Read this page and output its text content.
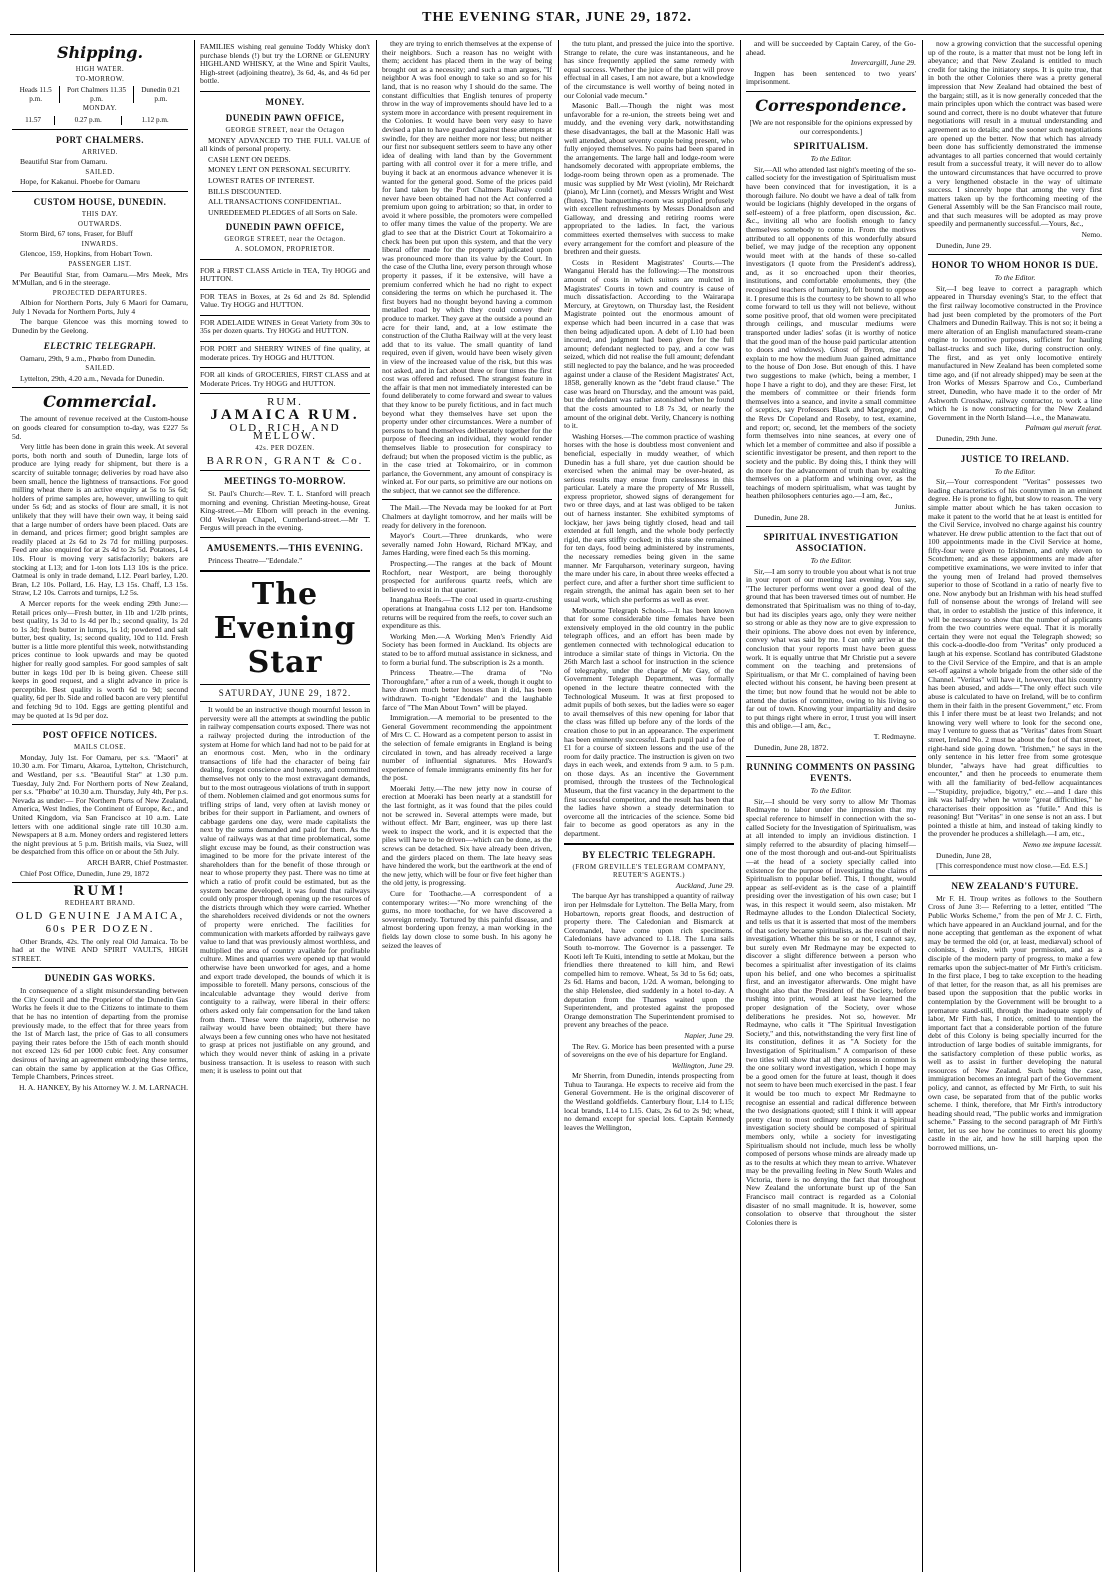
THE EVENING STAR, JUNE 29, 1872.
Shipping.
HIGH WATER.
TO-MORROW.
Heads 11.5 p.m.	Port Chalmers 11.35 p.m.	Dunedin 0.21 p.m.
MONDAY.
11.57	0.27 p.m.	1.12 p.m.
PORT CHALMERS.
ARRIVED.

Beautiful Star from Oamaru.

SAILED.

Hope, for Kakanui. Phoebe for Oamaru

CUSTOM HOUSE, DUNEDIN.
THIS DAY.
OUTWARDS.

Storm Bird, 67 tons, Fraser, for Bluff

INWARDS.

Glencoe, 159, Hopkins, from Hobart Town.

PASSENGER LIST.

Per Beautiful Star, from Oamaru.—Mrs Meek, Mrs M'Mullan, and 6 in the steerage.

PROJECTED DEPARTURES.

Albion for Northern Ports, July 6 Maori for Oamaru, July 1 Nevada for Northern Ports, July 4

The barque Glencoe was this morning towed to Dunedin by the Geelong.

ELECTRIC TELEGRAPH.

Oamaru, 29th, 9 a.m., Phœbo from Dunedin.

SAILED.

Lyttelton, 29th, 4.20 a.m., Nevada for Dunedin.

Commercial.

The amount of revenue received at the Custom-house on goods cleared for consumption to-day, was £227 5s 5d.

Very little has been done in grain this week. At several ports, both north and south of Dunedin, large lots of produce are lying ready for shipment, but there is a scarcity of suitable tonnage; deliveries by road have also been small, hence the lightness of transactions. For good milling wheat there is an active enquiry at 5s to 5s 6d; holders of prime samples are, however, unwilling to quit under 5s 6d; and as stocks of flour are small, it is not unlikely that they will have their own way, it being said that a large number of orders have been placed. Oats are in demand, and prices firmer; good bright samples are readily placed at 2s 6d to 2s 7d for milling purposes. Feed are also enquired for at 2s 4d to 2s 5d. Potatoes, L4 10s. Flour is moving very satisfactorily; bakers are stocking at L13; and for 1-ton lots L13 10s is the price. Oatmeal is only in trade demand, L12. Pearl barley, L20. Bran, L2 10s. Pollard, L6. Hay, L3 15s. Chaff, L3 15s. Straw, L2 10s. Carrots and turnips, L2 5s.

A Mercer reports for the week ending 29th June:—Retail prices only—Fresh butter, in 1lb and 1/2lb prints, best quality, 1s 3d to 1s 4d per lb.; second quality, 1s 2d to 1s 3d; fresh butter in lumps, 1s 1d; powdered and salt butter, best quality, 1s; second quality, 10d to 11d. Fresh butter is a little more plentiful this week, notwithstanding prices continue to look upwards and may be quoted higher for really good samples. For good samples of salt butter in kegs 10d per lb is being given. Cheese still keeps in good request, and a slight advance in price is perceptible. Best quality is worth 6d to 9d; second quality, 6d per lb. Side and rolled bacon are very plentiful and fetching 9d to 10d. Eggs are getting plentiful and may be quoted at 1s 9d per doz.

POST OFFICE NOTICES.
MAILS CLOSE.

Monday, July 1st. For Oamaru, per s.s. "Maori" at 10.30 a.m. For Timaru, Akaroa, Lyttelton, Christchurch, and Westland, per s.s. "Beautiful Star" at 1.30 p.m. Tuesday, July 2nd. For Northern ports of New Zealand, per s.s. "Phœbe" at 10.30 a.m. Thursday, July 4th, Per p.s. Nevada as under:— For Northern Ports of New Zealand, America, West Indies, the Continent of Europe, &c., and United Kingdom, via San Francisco at 10 a.m. Late letters with one additional single rate till 10.30 a.m. Newspapers at 8 a.m. Money orders and registered letters the night previous at 5 p.m. British mails, via Suez, will be despatched from this office on or about the 5th July.

ARCH BARR, Chief Postmaster.

Chief Post Office, Dunedin, June 29, 1872

RUM!
REDHEART BRAND.
OLD GENUINE JAMAICA,
60s PER DOZEN.

Other Brands, 42s. The only real Old Jamaica. To be had at the WINE AND SPIRIT VAULTS, HIGH STREET.

DUNEDIN GAS WORKS.

In consequence of a slight misunderstanding between the City Council and the Proprietor of the Dunedin Gas Works he feels it due to the Citizens to intimate to them that he has no intention of departing from the promise previously made, to the effect that for three years from the 1st of March last, the price of Gas to all consumers paying their rates before the 15th of each month should not exceed 12s 6d per 1000 cubic feet. Any consumer desirous of having an agreement embodying these terms, can obtain the same by application at the Gas Office, Temple Chambers, Princes street.

H. A. HANKEY, By his Attorney W. J. M. LARNACH.

FAMILIES wishing real genuine Toddy Whisky don't purchase blends (!) but try the LORNE or GLENURY HIGHLAND WHISKY, at the Wine and Spirit Vaults, High-street (adjoining theatre), 3s 6d, 4s, and 4s 6d per bottle.

MONEY.
DUNEDIN PAWN OFFICE,
GEORGE STREET, near the Octagon

MONEY ADVANCED TO THE FULL VALUE of all kinds of personal property.

CASH LENT ON DEEDS.

MONEY LENT ON PERSONAL SECURITY.

LOWEST RATES OF INTEREST.

BILLS DISCOUNTED.

ALL TRANSACTIONS CONFIDENTIAL.

UNREDEEMED PLEDGES of all Sorts on Sale.

DUNEDIN PAWN OFFICE,
GEORGE STREET, near the Octagon.
A. SOLOMON, PROPRIETOR.

FOR a FIRST CLASS Article in TEA, Try HOGG and HUTTON.

FOR TEAS in Boxes, at 2s 6d and 2s 8d. Splendid Value. Try HOGG and HUTTON.

FOR ADELAIDE WINES in Great Variety from 30s to 35s per dozen quarts. Try HOGG and HUTTON.

FOR PORT and SHERRY WINES of fine quality, at moderate prices. Try HOGG and HUTTON.

FOR all kinds of GROCERIES, FIRST CLASS and at Moderate Prices. Try HOGG and HUTTON.

RUM.
JAMAICA RUM.
OLD, RICH, AND MELLOW.
42s. PER DOZEN.
BARRON, GRANT & Co.
MEETINGS TO-MORROW.

St. Paul's Church:—Rev. T. L. Stanford will preach morning and evening. Christian Meeting-house, Great King-street.—Mr Elborn will preach in the evening. Old Wesleyan Chapel, Cumberland-street.—Mr T. Fergus will preach in the evening.

AMUSEMENTS.—THIS EVENING.

Princess Theatre—"Edendale."

The Evening Star
SATURDAY, JUNE 29, 1872.

It would be an instructive though mournful lesson in perversity were all the attempts at swindling the public in railway compensation courts exposed. There was not a railway projected during the introduction of the system at Home for which land had not to be paid for at an enormous cost. Men, who in the ordinary transactions of life had the character of being fair dealing, forgot conscience and honesty, and committed themselves not only to the most extravagant demands, but to the most outrageous violations of truth in support of them. Noblemen claimed and got enormous sums for trifling strips of land, very often at lavish money or bribes for their support in Parliament, and owners of cabbage gardens one day, were made capitalists the next by the sums demanded and paid for them. As the value of railways was at that time problematical, some slight excuse may be found, as their construction was imagined to be more for the private interest of the shareholders than for the benefit of those through or near to whose property they past. There was no time at which a ratio of profit could be estimated, but as the system became developed, it was found that railways could only prosper through opening up the resources of the districts through which they were carried. Whether the shareholders received dividends or not the owners of property were enriched. The facilities for communication with markets afforded by railways gave value to land that was previously almost worthless, and multiplied the area of country available for profitable culture. Mines and quarries were opened up that would otherwise have been unworked for ages, and a home and export trade developed, the bounds of which it is impossible to foretell. Many persons, conscious of the incalculable advantage they would derive from contiguity to a railway, were liberal in their offers: others asked only fair compensation for the land taken from them. These were the majority, otherwise no railway would have been obtained; but there have always been a few cunning ones who have not hesitated to grasp at prices not justifiable on any ground, and which they would never think of asking in a private business transaction. It is useless to reason with such men; it is useless to point out that

they are trying to enrich themselves at the expense of their neighbors. Such a reason has no weight with them; accident has placed them in the way of being brought out as a necessity; and such a man argues, "If neighbor A was fool enough to take so and so for his land, that is no reason why I should do the same. The constant difficulties that English tenures of property throw in the way of improvements should have led to a system more in accordance with present requirement in the Colonies. It would have been very easy to have devised a plan to have guarded against these attempts at swindle, for they are neither more nor less; but neither our first nor subsequent settlers seem to have any other idea of dealing with land than by the Government parting with all control over it for a mere trifle, and buying it back at an enormous advance whenever it is wanted for the general good. Some of the prices paid for land taken by the Port Chalmers Railway could never have been obtained had not the Act conferred a premium upon going to arbitration; so that, in order to avoid it where possible, the promoters were compelled to offer many times the value of the property. We are glad to see that at the District Court at Tokomairiro a check has been put upon this system, and that the very liberal offer made for the property adjudicated upon was pronounced more than its value by the Court. In the case of the Clutha line, every person through whose property it passes, if it be extensive, will have a premium conferred which he had no right to expect considering the terms on which he purchased it. The first buyers had no thought beyond having a common metalled road by which they could convey their produce to market. They gave at the outside a pound an acre for their land, and, at a low estimate the construction of the Clutha Railway will at the very least add that to its value. The small quantity of land required, even if given, would have been wisely given in view of the increased value of the risk, but this was not asked, and in fact about three or four times the first cost was offered and refused. The strangest feature in the affair is that men not immediately interested can be found deliberately to come forward and swear to values that they know to be purely fictitious, and in fact much beyond what they themselves have set upon the property under other circumstances. Were a number of persons to band themselves deliberately together for the purpose of fleecing an individual, they would render themselves liable to prosecution for conspiracy to defraud; but when the proposed victim is the public, as in the case tried at Tokomairiro, or in common parlance, the Government, any amount of conspiracy is winked at. For our parts, so primitive are our notions on the subject, that we cannot see the difference.

The Mail.—The Nevada may be looked for at Port Chalmers at daylight tomorrow, and her mails will be ready for delivery in the forenoon.

Mayor's Court.—Three drunkards, who were severally named John Howard, Richard M'Kay, and James Harding, were fined each 5s this morning.

Prospecting.—The ranges at the back of Mount Rochfort, near Westport, are being thoroughly prospected for auriferous quartz reefs, which are believed to exist in that quarter.

Inangahua Reefs.—The coal used in quartz-crushing operations at Inangahua costs L12 per ton. Handsome returns will be required from the reefs, to cover such an expenditure as this.

Working Men.—A Working Men's Friendly Aid Society has been formed in Auckland. Its objects are stated to be to afford mutual assistance in sickness, and to form a burial fund. The subscription is 2s a month.

Princess Theatre.—The drama of "No Thoroughfare," after a run of a week, though it ought to have drawn much better houses than it did, has been withdrawn. To-night "Edendale" and the laughable farce of "The Man About Town" will be played.

Immigration.—A memorial to be presented to the General Government recommending the appointment of Mrs C. C. Howard as a competent person to assist in the selection of female emigrants in England is being circulated in town, and has already received a large number of influential signatures. Mrs Howard's experience of female immigrants eminently fits her for the post.

Moeraki Jetty.—The new jetty now in course of erection at Moeraki has been nearly at a standstill for the last fortnight, as it was found that the piles could not be screwed in. Several attempts were made, but without effect. Mr Barr, engineer, was up there last week to inspect the work, and it is expected that the piles will have to be driven—which can be done, as the screws can be detached. Six have already been driven, and the girders placed on them. The late heavy seas have hindered the work, but the earthwork at the end of the new jetty, which will be four or five feet higher than the old jetty, is progressing.

Cure for Toothache.—A correspondent of a contemporary writes:—"No more wrenching of the gums, no more toothache, for we have discovered a sovereign remedy. Tortured by this painful disease, and almost bordering upon frenzy, a man working in the fields lay down close to some bush. In his agony he seized the leaves of

the tutu plant, and pressed the juice into the sportive. Strange to relate, the cure was instantaneous, and he has since frequently applied the same remedy with equal success. Whether the juice of the plant will prove effectual in all cases, I am not aware, but a knowledge of the circumstance is well worthy of being noted in our Colonial vade mecum."

Masonic Ball.—Though the night was most unfavorable for a re-union, the streets being wet and muddy, and the evening very dark, notwithstanding these disadvantages, the ball at the Masonic Hall was well attended, about seventy couple being present, who fully enjoyed themselves. No pains had been spared in the arrangements. The large hall and lodge-room were handsomely decorated with appropriate emblems, the lodge-room being thrown open as a promenade. The music was supplied by Mr West (violin), Mr Reichardt (piano), Mr Linn (cornet), and Messrs Wright and West (flutes). The banquetting-room was supplied profusely with excellent refreshments by Messrs Donaldson and Galloway, and dressing and retiring rooms were appropriated to the ladies. In fact, the various committees exerted themselves with success to make every arrangement for the comfort and pleasure of the brethren and their guests.

Costs in Resident Magistrates' Courts.—The Wanganui Herald has the following:—The monstrous amount of costs in which suitors are mulcted in Magistrates' Courts in town and country is cause of much dissatisfaction. According to the Wairarapa Mercury, at Greytown, on Thursday last, the Resident Magistrate pointed out the enormous amount of expense which had been incurred in a case that was then being adjudicated upon. A debt of L10 had been incurred, and judgment had been given for the full amount; defendant neglected to pay, and a cow was seized, which did not realise the full amount; defendant still neglected to pay the balance, and he was proceeded against under a clause of the Resident Magistrates' Act, 1858, generally known as the "debt fraud clause." The case was heard on Thursday, and the amount was paid, but the defendant was rather astonished when he found that the costs amounted to L8 7s 3d, or nearly the amount of the original debt. Verily, Chancery is nothing to it.

Washing Horses.—The common practice of washing horses with the hose is doubtless most convenient and beneficial, especially in muddy weather, of which Dunedin has a full share, yet due caution should be exercised when the animal may be over-heated, as serious results may ensue from carelessness in this particular. Lately a mare the property of Mr Russell, express proprietor, showed signs of derangement for two or three days, and at last was obliged to be taken out of harness instanter. She exhibited symptoms of lockjaw, her jaws being tightly closed, head and tail extended at full length, and the whole body perfectly rigid, the ears stiffly cocked; in this state she remained for ten days, food being administered by instruments, the necessary remedies being given in the same manner. Mr Farquharson, veterinary surgeon, having the mare under his care, in about three weeks effected a perfect cure, and after a further short time sufficient to regain strength, the animal has again been set to her usual work, which she performs as well as ever.

Melbourne Telegraph Schools.—It has been known that for some considerable time females have been extensively employed in the old country in the public telegraph offices, and an effort has been made by gentlemen connected with technological education to introduce a similar state of things in Victoria. On the 26th March last a school for instruction in the science of telegraphy, under the charge of Mr Gay, of the Government Telegraph Department, was formally opened in the lecture theatre connected with the Technological Museum. It was at first proposed to admit pupils of both sexes, but the ladies were so eager to avail themselves of this new opening for labor that the class was filled up before any of the lords of the creation chose to put in an appearance. The experiment has been eminently successful. Each pupil paid a fee of £1 for a course of sixteen lessons and the use of the room for daily practice. The instruction is given on two days in each week, and extends from 9 a.m. to 5 p.m. on those days. As an incentive the Government promised, through the trustees of the Technological Museum, that the first vacancy in the department to the first successful competitor, and the result has been that the ladies have shown a steady determination to overcome all the intricacies of the science. Some bid fair to become as good operators as any in the department.

BY ELECTRIC TELEGRAPH.
(FROM GREVILLE'S TELEGRAM COMPANY, REUTER'S AGENTS.)

Auckland, June 29.

The barque Ayr has transhipped a quantity of railway iron per Helmsdale for Lyttelton. The Bella Mary, from Hobartown, reports great floods, and destruction of property there. The Caledonian and Bismarck at Coromandel, have come upon rich specimens. Caledonians have advanced to L18. The Luna sails South to-morrow. The Governor is a passenger. Te Kooti left Te Kuiti, intending to settle at Mokau, but the friendlies there threatened to kill him, and Rewi compelled him to remove. Wheat, 5s 3d to 5s 6d; oats, 2s 6d. Hams and bacon, 1/2d. A woman, belonging to the ship Helenslee, died suddenly in a hotel to-day. A deputation from the Thames waited upon the Superintendent, and protested against the proposed Orange demonstration The Superintendent promised to prevent any breaches of the peace.

Napier, June 29.

The Rev. G. Morice has been presented with a purse of sovereigns on the eve of his departure for England.

Wellington, June 29.

Mr Sherrin, from Dunedin, intends prospecting from Tuhua to Tauranga. He expects to receive aid from the General Government. He is the original discoverer of the Westland goldfields. Canterbury flour, L14 to L15; local brands, L14 to L15. Oats, 2s 6d to 2s 9d; wheat, no demand except for special lots. Captain Kennedy leaves the Wellington,

and will be succeeded by Captain Carey, of the Go-ahead.

Invercargill, June 29.

Ingpen has been sentenced to two years' imprisonment.

Correspondence.

[We are not responsible for the opinions expressed by our correspondents.]

SPIRITUALISM.

To the Editor.

Sir,—All who attended last night's meeting of the so-called society for the investigation of Spiritualism must have been convinced that for investigation, it is a thorough failure. No doubt we have a deal of talk from would be logicians (highly developed in the organs of self-esteem) of a free platform, open discussion, &c. &c., inviting all who are foolish enough to fancy themselves somebody to come in. From the motives attributed to all opponents of this wonderfully absurd belief, we may judge of the reception any opponent would meet with at the hands of these so-called investigators (I quote from the President's address), and, as it so encroached upon their theories, institutions, and comfortable emoluments, they (the recognised teachers of humanity), felt bound to oppose it. I presume this is the courtesy to be shown to all who come forward to tell us they will not believe, without some positive proof, that old women were precipitated through ceilings, and muscular mediums were transported under ladies' sofas (it is worthy of notice that the good man of the house paid particular attention to doors and windows). Ghost of Byron, rise and explain to me how the medium Juan gained admittance to the house of Don Jose. But enough of this. I have two suggestions to make (which, being a member, I hope I have a right to do), and they are these: First, let the members of committee or their friends form themselves into a seance, and invite a small committee of sceptics, say Professors Black and Macgregor, and the Revs Dr Copeland and Roseby, to test, examine, and report; or, second, let the members of the society form themselves into nine seances, at every one of which let a member of committee and also if possible a scientific investigator be present, and then report to the society and the public. By doing this, I think they will do more for the advancement of truth than by exalting themselves on a platform and whining over, as the teachings of modern spiritualism, what was taught by heathen philosophers centuries ago.—I am, &c.,

Junius.

Dunedin, June 28.

SPIRITUAL INVESTIGATION ASSOCIATION.

To the Editor.

Sir,—I am sorry to trouble you about what is not true in your report of our meeting last evening. You say, "The lecturer performs went over a good deal of the ground that has been traversed times out of number. He demonstrated that Spiritualism was no thing of to-day, but had its disciples years ago, only they were neither so strong or able as they now are to give expression to their opinions. The above does not even by inference, convey what was said by me. I can only arrive at the conclusion that your reports must have been guess work. It is equally untrue that Mr Christie put a severe comment on the teaching and pretensions of Spiritualism, or that Mr C. complained of having been elected without his consent, he having been present at the time; but now found that he would not be able to attend the duties of committee, owing to his living so far out of town. Knowing your impartiality and desire to put things right where in error, I trust you will insert this and oblige.—I am, &c.,

T. Redmayne.

Dunedin, June 28, 1872.

RUNNING COMMENTS ON PASSING EVENTS.

To the Editor.

Sir,—I should be very sorry to allow Mr Thomas Redmayne to labor under the impression that my special reference to himself in connection with the so-called Society for the Investigation of Spiritualism, was at all intended to imply an invidious distinction. I simply referred to the absurdity of placing himself—one of the most thorough and out-and-out Spiritualists—at the head of a society specially called into existence for the purpose of investigating the claims of Spiritualism to popular belief. This, I thought, would appear as self-evident as is the case of a plaintiff presiding over the investigation of his own case; but I was, in this respect it would seem, also mistaken. Mr Redmayne alludes to the London Dialectical Society, and tells us that it is asserted that most of the members of that society became spiritualists, as the result of their investigation. Whether this be so or not, I cannot say, but surely even Mr Redmayne may be expected to discover a slight difference between a person who becomes a spiritualist after investigation of its claims upon his belief, and one who becomes a spiritualist first, and an investigator afterwards. One might have thought also that the President of the Society, before rushing into print, would at least have learned the proper designation of the Society, over whose deliberations he presides. Not so, however. Mr Redmayne, who calls it "The Spiritual Investigation Society," and this, notwithstanding the very first line of its constitution, defines it as "A Society for the Investigation of Spiritualism." A comparison of these two titles will show that all they possess in common is the one solitary word investigation, which I hope may be a good omen for the future at least, though it does not seem to have been much exercised in the past. I fear it would be too much to expect Mr Redmayne to recognise an essential and radical difference between the two designations quoted; still I think it will appear pretty clear to most ordinary mortals that a Spiritual investigation society should be composed of spiritual members only, while a society for investigating Spiritualism should not include, much less be wholly composed of persons whose minds are already made up as to the results at which they mean to arrive. Whatever may be the prevailing feeling in New South Wales and Victoria, there is no denying the fact that throughout New Zealand the unfortunate burst up of the San Francisco mail contract is regarded as a Colonial disaster of no small magnitude. It is, however, some consolation to observe that throughout the sister Colonies there is

now a growing conviction that the successful opening up of the route, is a matter that must not be long left in abeyance; and that New Zealand is entitled to much credit for taking the initiatory steps. It is quite true, that in both the other Colonies there was a pretty general impression that New Zealand had obtained the best of the bargain; still, as it is now generally conceded that the main principles upon which the contract was based were sound and correct, there is no doubt whatever that future negotiations will result in a mutual understanding and agreement as to details; and the sooner such negotiations are opened up the better. Now that which has already been done has sufficiently demonstrated the immense advantages to all parties concerned that would certainly result from a successful treaty, it will never do to allow the untoward circumstances that have occurred to prove a very lengthened obstacle in the way of ultimate success. I sincerely hope that among the very first matters taken up by the forthcoming meeting of the General Assembly will be the San Francisco mail route, and that such measures will be adopted as may prove speedily and permanently successful.—Yours, &c.,

Nemo.

Dunedin, June 29.

HONOR TO WHOM HONOR IS DUE.

To the Editor.

Sir,—I beg leave to correct a paragraph which appeared in Thursday evening's Star, to the effect that the first railway locomotive constructed in the Province had just been completed by the promoters of the Port Chalmers and Dunedin Railway. This is not so; it being a mere alteration of an English manufactured steam-crane engine to locomotive purposes, sufficient for hauling ballast-trucks and such like, during construction only. The first, and as yet only locomotive entirely manufactured in New Zealand has been completed some time ago, and (if not already shipped) may be seen at the Iron Works of Messrs Sparrow and Co., Cumberland street, Dunedin, who have made it to the order of Mr Ashworth Crosshaw, railway contractor, to work a line which he is now constructing for the New Zealand Government in the North Island—i.e., the Manawatu.

Palmam qui meruit ferat.

Dunedin, 29th June.

JUSTICE TO IRELAND.

To the Editor.

Sir,—Your correspondent "Veritas" possesses two leading characteristics of his countrymen in an eminent degree. He is prone to fight, but slow to reason. The very simple matter about which he has taken occasion to make it patent to the world that he at least is entitled for the Civil Service, involved no charge against his country whatever. He drew public attention to the fact that out of 100 appointments made in the Civil Service at home, fifty-four were given to Irishmen, and only eleven to Scotchmen; and as these appointments are made after competitive examinations, we were invited to infer that the young men of Ireland had proved themselves superior to those of Scotland in a ratio of nearly five to one. Now anybody but an Irishman with his head stuffed full of nonsense about the wrongs of Ireland will see that, in order to establish the justice of this inference, it will be necessary to show that the number of applicants from the two countries were equal. That it is morally certain they were not equal the Telegraph showed; so this cock-a-doodle-doo from "Veritas" only produced a laugh at his expense. Scotland has contributed Gladstone to the Civil Service of the Empire, and that is an ample set-off against a whole brigade from the other side of the Channel. "Veritas" will have it, however, that his country has been abused, and adds—"The only effect such vile abuse is calculated to have on Ireland, will be to confirm them in their faith in the present Government," etc. From this I infer there must be at least two Irelands; and not knowing very well where to look for the second one, may I venture to guess that as "Veritas" dates from Stuart street, Ireland No. 2 must be about the foot of that street, right-hand side going down. "Irishmen," he says in the only sentence in his letter free from some grotesque blunder, "always have had great difficulties to encounter," and then he proceeds to enumerate them with all the familiarity of bed-fellow acquaintances—"Stupidity, prejudice, bigotry," etc.—and I dare this ink was half-dry when he wrote "great difficulties," he characterises their opposition as "futile." And this is reasoning! But "Veritas" in one sense is not an ass. I but pointed a thistle at him, and instead of taking kindly to the provender he produces a shillelagh.—I am, etc.,

Nemo me impune lacessit.

Dunedin, June 28,

[This correspondence must now close.—Ed. E.S.]

NEW ZEALAND'S FUTURE.

Mr F. H. Troup writes as follows to the Southern Cross of June 3:— Referring to a letter, entitled "The Public Works Scheme," from the pen of Mr J. C. Firth, which have appeared in an Auckland journal, and for the none accepting that gentleman as the exponent of what may be termed the old (or, at least, mediæval) school of colonists, I desire, with your permission, and as a disciple of the modern party of progress, to make a few remarks upon the subject-matter of Mr Firth's criticism. In the first place, I beg to take exception to the heading of that letter, for the reason that, as all his premises are based upon the supposition that the public works in contemplation by the Government will be brought to a premature stand-still, through the inadequate supply of labor, Mr Firth has, I notice, omitted to mention the important fact that a considerable portion of the future debt of this Colony is being specially incurred for the introduction of large bodies of suitable immigrants, for the satisfactory completion of these public works, as well as to assist in further developing the natural resources of New Zealand. Such being the case, immigration becomes an integral part of the Government policy, and cannot, as effected by Mr Firth, to suit his own case, be separated from that of the public works scheme. I think, therefore, that Mr Firth's introductory heading should read, "The public works and immigration scheme." Passing to the second paragraph of Mr Firth's letter, let us see how he continues to erect his gloomy castle in the air, and how he still harping upon the borrowed millions, un-
